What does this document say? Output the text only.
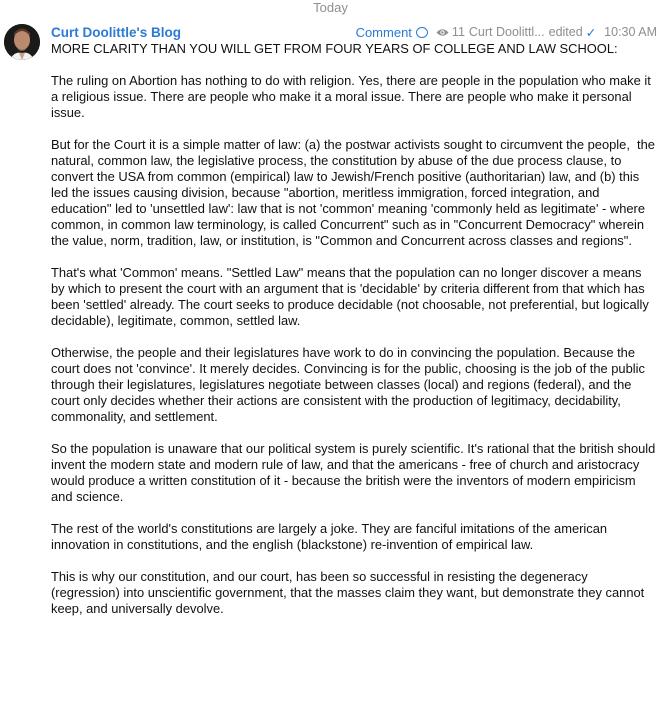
Today
Curt Doolittle's Blog	Comment	11 Curt Doolittl... edited ✓ 10:30 AM

MORE CLARITY THAN YOU WILL GET FROM FOUR YEARS OF COLLEGE AND LAW SCHOOL:

The ruling on Abortion has nothing to do with religion. Yes, there are people in the population who make it a religious issue. There are people who make it a moral issue. There are people who make it personal issue.

But for the Court it is a simple matter of law: (a) the postwar activists sought to circumvent the people,  the natural, common law, the legislative process, the constitution by abuse of the due process clause, to convert the USA from common (empirical) law to Jewish/French positive (authoritarian) law, and (b) this led the issues causing division, because "abortion, meritless immigration, forced integration, and education" led to 'unsettled law': law that is not 'common' meaning 'commonly held as legitimate' - where common, in common law terminology, is called Concurrent" such as in "Concurrent Democracy" wherein the value, norm, tradition, law, or institution, is "Common and Concurrent across classes and regions".

That's what 'Common' means. "Settled Law" means that the population can no longer discover a means by which to present the court with an argument that is 'decidable' by criteria different from that which has been 'settled' already. The court seeks to produce decidable (not choosable, not preferential, but logically decidable), legitimate, common, settled law.

Otherwise, the people and their legislatures have work to do in convincing the population. Because the court does not 'convince'. It merely decides. Convincing is for the public, choosing is the job of the public through their legislatures, legislatures negotiate between classes (local) and regions (federal), and the court only decides whether their actions are consistent with the production of legitimacy, decidability, commonality, and settlement.

So the population is unaware that our political system is purely scientific. It's rational that the british should invent the modern state and modern rule of law, and that the americans - free of church and aristocracy would produce a written constitution of it - because the british were the inventors of modern empiricism and science.

The rest of the world's constitutions are largely a joke. They are fanciful imitations of the american innovation in constitutions, and the english (blackstone) re-invention of empirical law.

This is why our constitution, and our court, has been so successful in resisting the degeneracy (regression) into unscientific government, that the masses claim they want, but demonstrate they cannot keep, and universally devolve.
